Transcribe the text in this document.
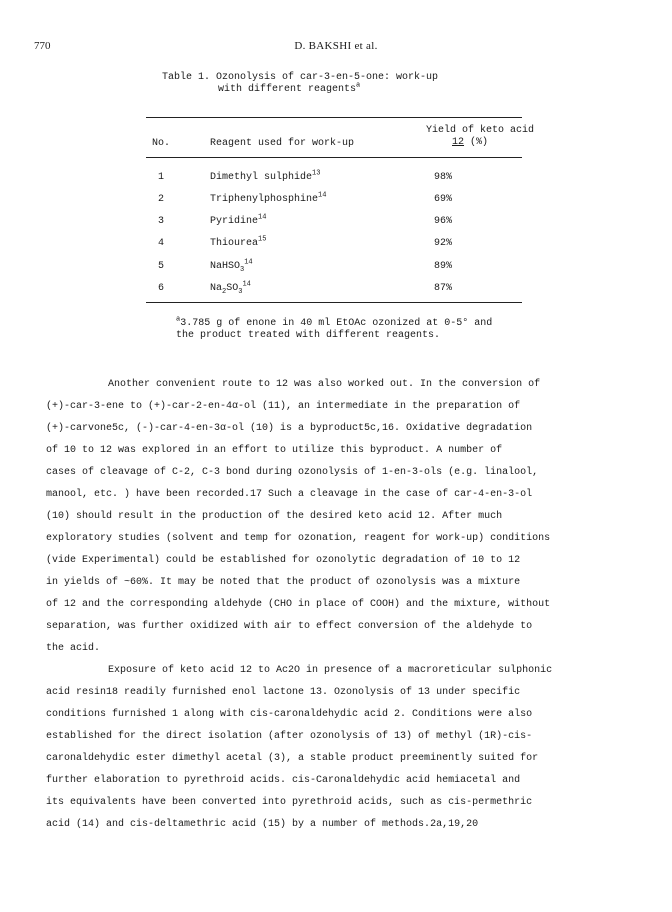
770	D. BAKSHI et al.
Table 1. Ozonolysis of car-3-en-5-one: work-up
with different reagents$^a$
No.	Reagent used for work-up
Yield of keto acid
12 (%)
1	Dimethyl sulphide$^{13}$	98%
2	Triphenylphosphine$^{14}$	69%
3	Pyridine$^{14}$	96%
4	Thiourea$^{15}$	92%
5	NaHSO$_3^{14}$	89%
6	$Na_2SO_3^{14}$	87%
$^a$3.785 g of enone in 40 ml EtOAc ozonized at 0-5° and the product treated with different reagents.
Another convenient route to 12 was also worked out. In the conversion of
(+)-car-3-ene to (+)-car-2-en-4α-ol (11), an intermediate in the preparation of
(+)-carvone5c, (-)-car-4-en-3α-ol (10) is a byproduct5c,16. Oxidative degradation
of 10 to 12 was explored in an effort to utilize this byproduct. A number of
cases of cleavage of C-2, C-3 bond during ozonolysis of 1-en-3-ols (e.g. linalool,
manool, etc. ) have been recorded.17 Such a cleavage in the case of car-4-en-3-ol
(10) should result in the production of the desired keto acid 12. After much
exploratory studies (solvent and temp for ozonation, reagent for work-up) conditions
(vide Experimental) could be established for ozonolytic degradation of 10 to 12
in yields of ~60%. It may be noted that the product of ozonolysis was a mixture
of 12 and the corresponding aldehyde (CHO in place of COOH) and the mixture, without
separation, was further oxidized with air to effect conversion of the aldehyde to
the acid.
Exposure of keto acid 12 to Ac2O in presence of a macroreticular sulphonic
acid resin18 readily furnished enol lactone 13. Ozonolysis of 13 under specific
conditions furnished 1 along with cis-caronaldehydic acid 2. Conditions were also
established for the direct isolation (after ozonolysis of 13) of methyl (1R)-cis-
caronaldehydic ester dimethyl acetal (3), a stable product preeminently suited for
further elaboration to pyrethroid acids. cis-Caronaldehydic acid hemiacetal and
its equivalents have been converted into pyrethroid acids, such as cis-permethric
acid (14) and cis-deltamethric acid (15) by a number of methods.2a,19,20
